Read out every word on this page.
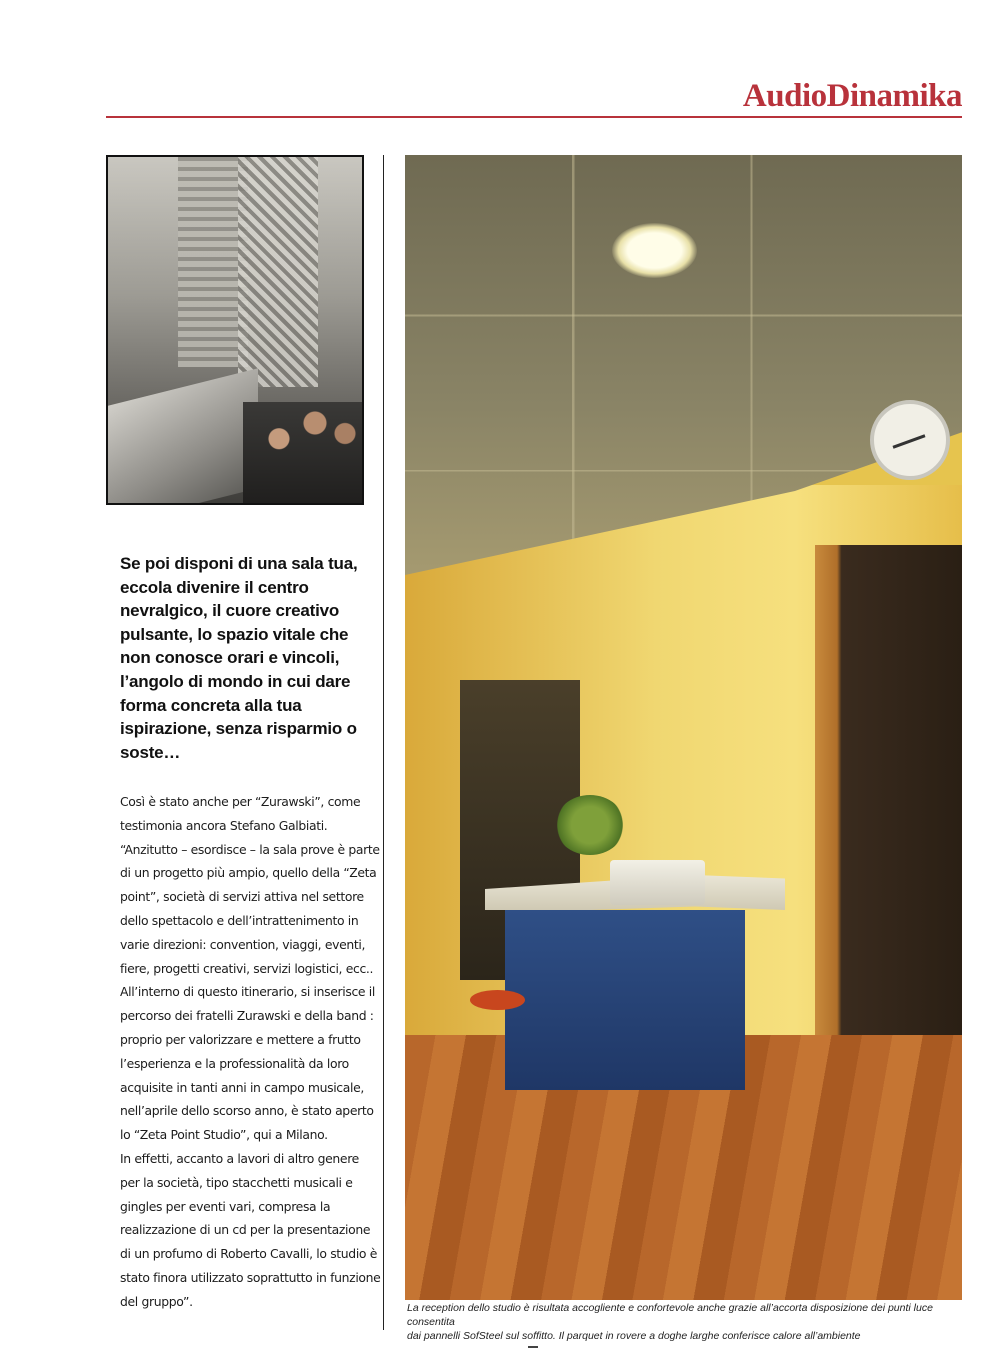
AudioDinamika
Se poi disponi di una sala tua, eccola divenire il centro nevralgico, il cuore creativo pulsante, lo spazio vitale che non conosce orari e vincoli, l’angolo di mondo in cui dare forma concreta alla tua ispirazione, senza risparmio o soste…

Così è stato anche per “Zurawski”, come testimonia ancora Stefano Galbiati. “Anzitutto – esordisce – la sala prove è parte di un progetto più ampio, quello della “Zeta point”, società di servizi attiva nel settore dello spettacolo e dell’intrattenimento in varie direzioni: convention, viaggi, eventi, fiere, progetti creativi, servizi logistici, ecc..

All’interno di questo itinerario, si inserisce il percorso dei fratelli Zurawski e della band : proprio per valorizzare e mettere a frutto l’esperienza e la professionalità da loro acquisite in tanti anni in campo musicale, nell’aprile dello scorso anno, è stato aperto lo “Zeta Point Studio”, qui a Milano.

In effetti, accanto a lavori di altro genere per la società, tipo stacchetti musicali e gingles per eventi vari, compresa la realizzazione di un cd per la presentazione di un profumo di Roberto Cavalli, lo studio è stato finora utilizzato soprattutto in funzione del gruppo”.	La reception dello studio è risultata accogliente e confortevole anche grazie all’accorta disposizione dei punti luce consentita
dai pannelli SofSteel sul soffitto. Il parquet in rovere a doghe larghe conferisce calore all’ambiente
